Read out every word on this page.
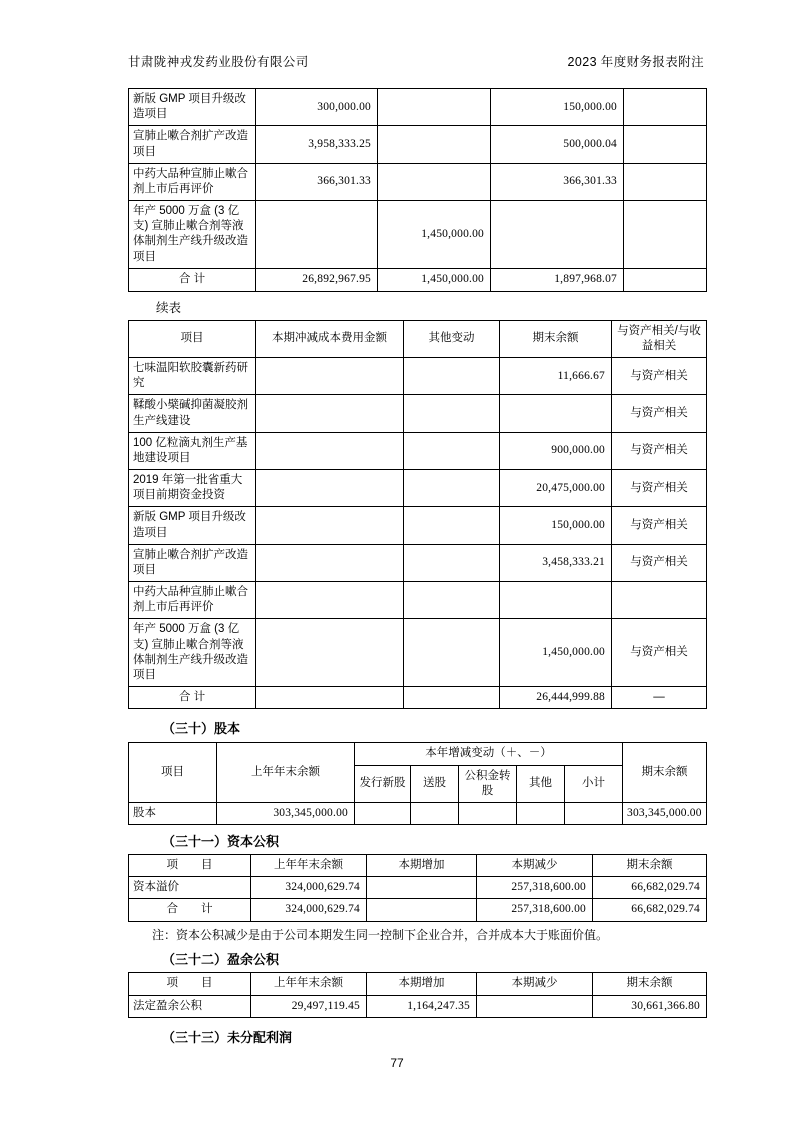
甘肃陇神戎发药业股份有限公司	2023 年度财务报表附注
新版 GMP 项目升级改造项目	300,000.00		150,000.00	
宣肺止嗽合剂扩产改造项目	3,958,333.25		500,000.04	
中药大品种宣肺止嗽合剂上市后再评价	366,301.33		366,301.33	
年产 5000 万盒 (3 亿支) 宣肺止嗽合剂等液体制剂生产线升级改造项目		1,450,000.00		
合 计	26,892,967.95	1,450,000.00	1,897,968.07	
续表
项目	本期冲减成本费用金额	其他变动	期末余额	与资产相关/与收益相关
七味温阳软胶囊新药研究			11,666.67	与资产相关
鞣酸小檗碱抑菌凝胶剂生产线建设				与资产相关
100 亿粒滴丸剂生产基地建设项目			900,000.00	与资产相关
2019 年第一批省重大项目前期资金投资			20,475,000.00	与资产相关
新版 GMP 项目升级改造项目			150,000.00	与资产相关
宣肺止嗽合剂扩产改造项目			3,458,333.21	与资产相关
中药大品种宣肺止嗽合剂上市后再评价				
年产 5000 万盒 (3 亿支) 宣肺止嗽合剂等液体制剂生产线升级改造项目			1,450,000.00	与资产相关
合 计			26,444,999.88	—
（三十）股本
项目	上年年末余额	本年增减变动（＋、－）					期末余额
		发行新股	送股	公积金转股	其他	小计	
股本	303,345,000.00						303,345,000.00
（三十一）资本公积
项　　目	上年年末余额	本期增加	本期减少	期末余额
资本溢价	324,000,629.74		257,318,600.00	66,682,029.74
合　　计	324,000,629.74		257,318,600.00	66,682,029.74
注：资本公积减少是由于公司本期发生同一控制下企业合并，合并成本大于账面价值。
（三十二）盈余公积
项　　目	上年年末余额	本期增加	本期减少	期末余额
法定盈余公积	29,497,119.45	1,164,247.35		30,661,366.80
（三十三）未分配利润
77
